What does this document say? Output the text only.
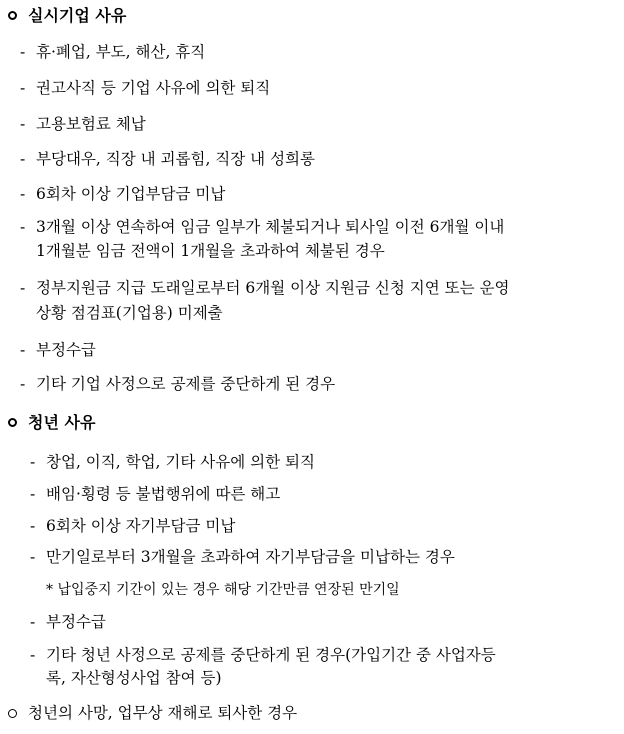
실시기업 사유
- 휴·폐업, 부도, 해산, 휴직
- 권고사직 등 기업 사유에 의한 퇴직
- 고용보험료 체납
- 부당대우, 직장 내 괴롭힘, 직장 내 성희롱
- 6회차 이상 기업부담금 미납
- 3개월 이상 연속하여 임금 일부가 체불되거나 퇴사일 이전 6개월 이내
1개월분 임금 전액이 1개월을 초과하여 체불된 경우
- 정부지원금 지급 도래일로부터 6개월 이상 지원금 신청 지연 또는 운영
상황 점검표(기업용) 미제출
- 부정수급
- 기타 기업 사정으로 공제를 중단하게 된 경우
청년 사유
- 창업, 이직, 학업, 기타 사유에 의한 퇴직
- 배임·횡령 등 불법행위에 따른 해고
- 6회차 이상 자기부담금 미납
- 만기일로부터 3개월을 초과하여 자기부담금을 미납하는 경우
* 납입중지 기간이 있는 경우 해당 기간만큼 연장된 만기일
- 부정수급
- 기타 청년 사정으로 공제를 중단하게 된 경우(가입기간 중 사업자등
록, 자산형성사업 참여 등)
청년의 사망, 업무상 재해로 퇴사한 경우
